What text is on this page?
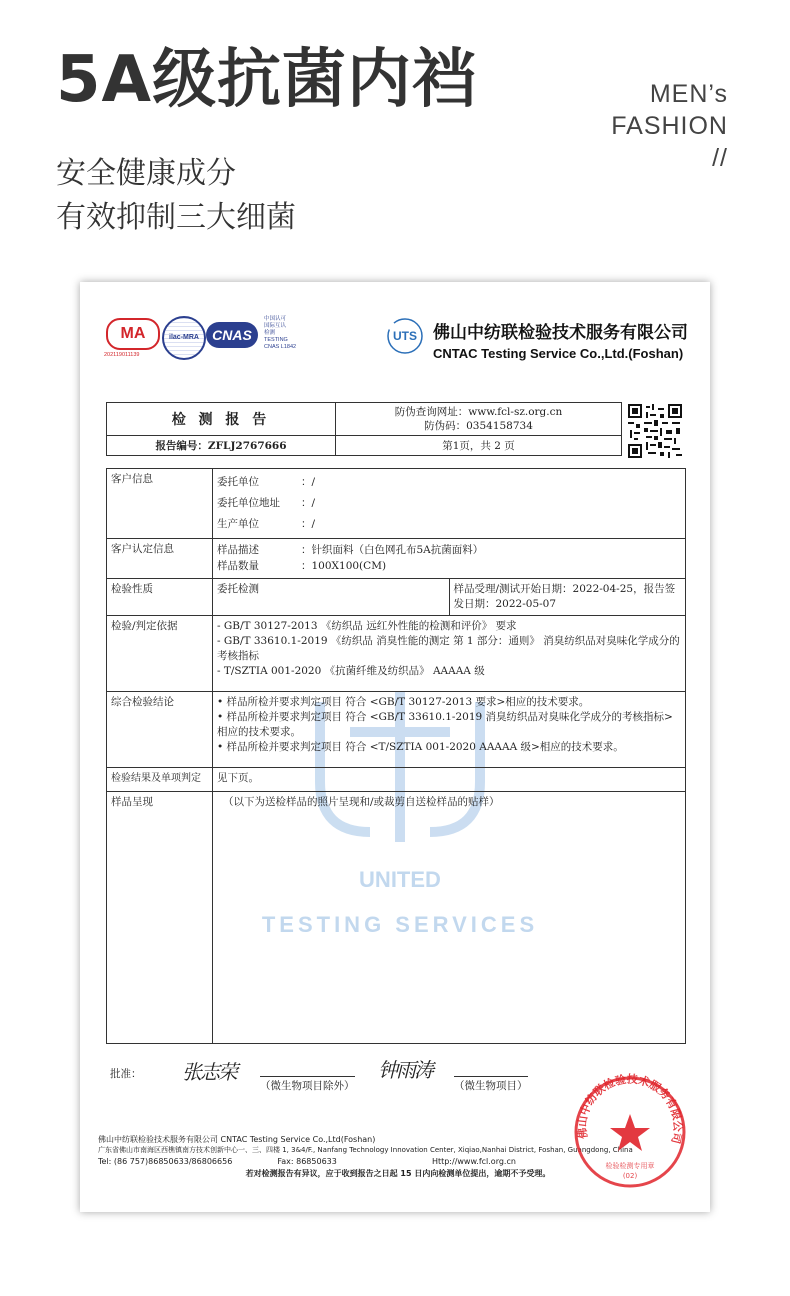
5A级抗菌内裆	MEN’s
FASHION
//
安全健康成分
有效抑制三大细菌
MA
202119011139
ilac-MRA CNAS
中国认可
国际互认
检测
TESTING
CNAS L1842
UTS 佛山中纺联检验技术服务有限公司
CNTAC Testing Service Co.,Ltd.(Foshan)
检 测 报 告	防伪查询网址：www.fcl-sz.org.cn
防伪码：0354158734

报告编号：ZFLJ2767666	第1页，共 2 页
UNITED
TESTING SERVICES
客户信息	委托单位 ：/
委托单位地址 ：/
生产单位 ：/	

客户认定信息	样品描述 ：针织面料（白色网孔布5A抗菌面料）
样品数量 ：100X100(CM)	

检验性质	委托检测	样品受理/测试开始日期：2022-04-25，报告签发日期：2022-05-07
检验/判定依据	- GB/T 30127-2013 《纺织品 远红外性能的检测和评价》 要求
- GB/T 33610.1-2019 《纺织品 消臭性能的测定 第 1 部分：通则》 消臭纺织品对臭味化学成分的考核指标
- T/SZTIA 001-2020 《抗菌纤维及纺织品》 AAAAA 级	

综合检验结论	• 样品所检并要求判定项目 符合 <GB/T 30127-2013 要求>相应的技术要求。
• 样品所检并要求判定项目 符合 <GB/T 33610.1-2019 消臭纺织品对臭味化学成分的考核指标>相应的技术要求。
• 样品所检并要求判定项目 符合 <T/SZTIA 001-2020 AAAAA 级>相应的技术要求。	

检验结果及单项判定	见下页。	
样品呈现	（以下为送检样品的照片呈现和/或裁剪自送检样品的贴样）	
批准： 张志荣
（微生物项目除外）
钟雨涛
（微生物项目）
佛山中纺联检验技术服务有限公司 CNTAC Testing Service Co.,Ltd(Foshan)
广东省佛山市南海区西樵镇南方技术创新中心一、三、四楼 1, 3&4/F., Nanfang Technology Innovation Center, Xiqiao,Nanhai District, Foshan, Guangdong, China
Tel: (86 757)86850633/86806656	Fax: 86850633	Http://www.fcl.org.cn
若对检测报告有异议，应于收到报告之日起 15 日内向检测单位提出，逾期不予受理。
佛山中纺联检验技术服务有限公司
检验检测专用章
(02)
